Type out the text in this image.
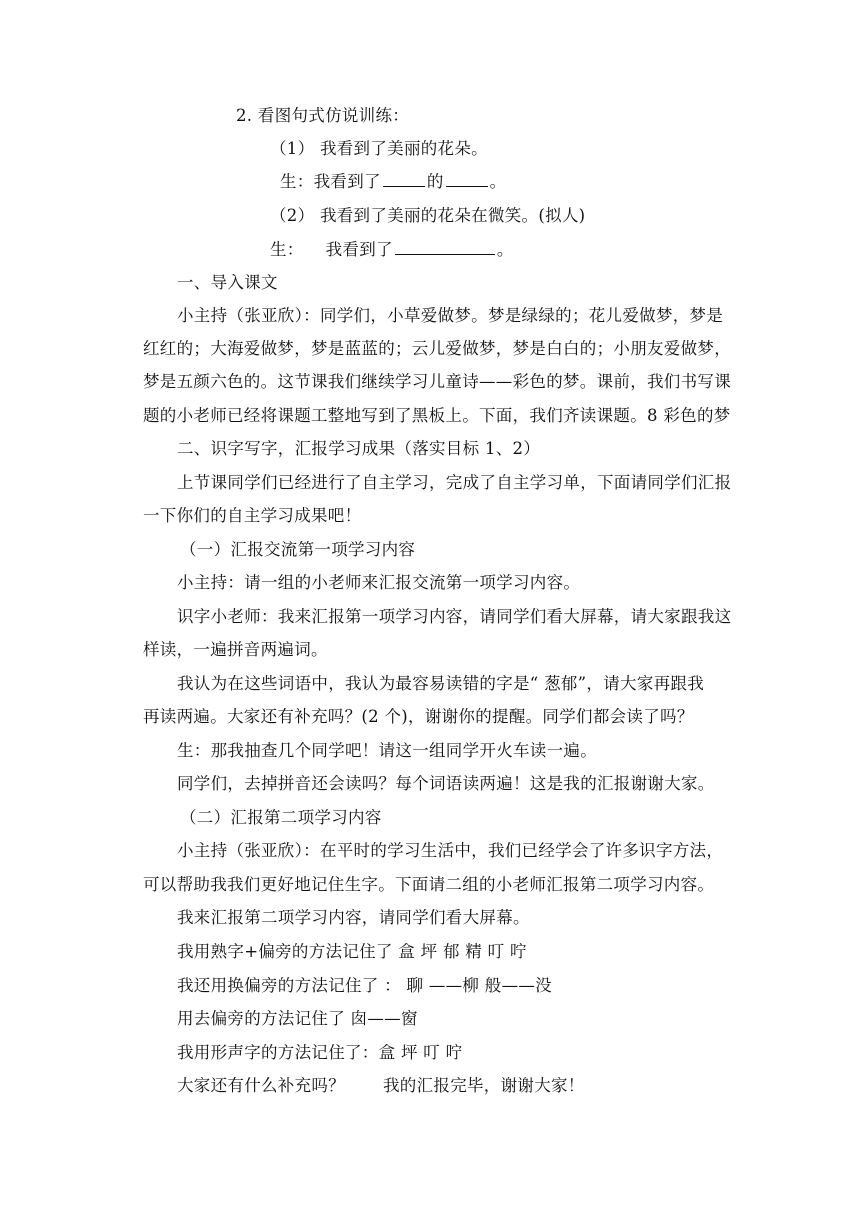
2. 看图句式仿说训练：
（1） 我看到了美丽的花朵。
生：我看到了	的	。
（2） 我看到了美丽的花朵在微笑。(拟人)
生： 我看到了	。
一、导入课文
小主持（张亚欣）：同学们，小草爱做梦。梦是绿绿的；花儿爱做梦，梦是
红红的；大海爱做梦，梦是蓝蓝的；云儿爱做梦，梦是白白的；小朋友爱做梦，
梦是五颜六色的。这节课我们继续学习儿童诗——彩色的梦。课前，我们书写课
题的小老师已经将课题工整地写到了黑板上。下面，我们齐读课题。8 彩色的梦
二、识字写字，汇报学习成果（落实目标 1、2）
上节课同学们已经进行了自主学习，完成了自主学习单，下面请同学们汇报
一下你们的自主学习成果吧！
（一）汇报交流第一项学习内容
小主持：请一组的小老师来汇报交流第一项学习内容。
识字小老师：我来汇报第一项学习内容，请同学们看大屏幕，请大家跟我这
样读，一遍拼音两遍词。
我认为在这些词语中，我认为最容易读错的字是“ 葱郁”，请大家再跟我
再读两遍。大家还有补充吗？(2 个)，谢谢你的提醒。同学们都会读了吗？
生：那我抽查几个同学吧！请这一组同学开火车读一遍。
同学们，去掉拼音还会读吗？每个词语读两遍！这是我的汇报谢谢大家。
（二）汇报第二项学习内容
小主持（张亚欣）：在平时的学习生活中，我们已经学会了许多识字方法，
可以帮助我我们更好地记住生字。下面请二组的小老师汇报第二项学习内容。
我来汇报第二项学习内容，请同学们看大屏幕。
我用熟字+偏旁的方法记住了 盒 坪 郁 精 叮 咛
我还用换偏旁的方法记住了 ： 聊 ——柳 般——没
用去偏旁的方法记住了 囱——窗
我用形声字的方法记住了：盒 坪 叮 咛
大家还有什么补充吗？ 我的汇报完毕，谢谢大家！
